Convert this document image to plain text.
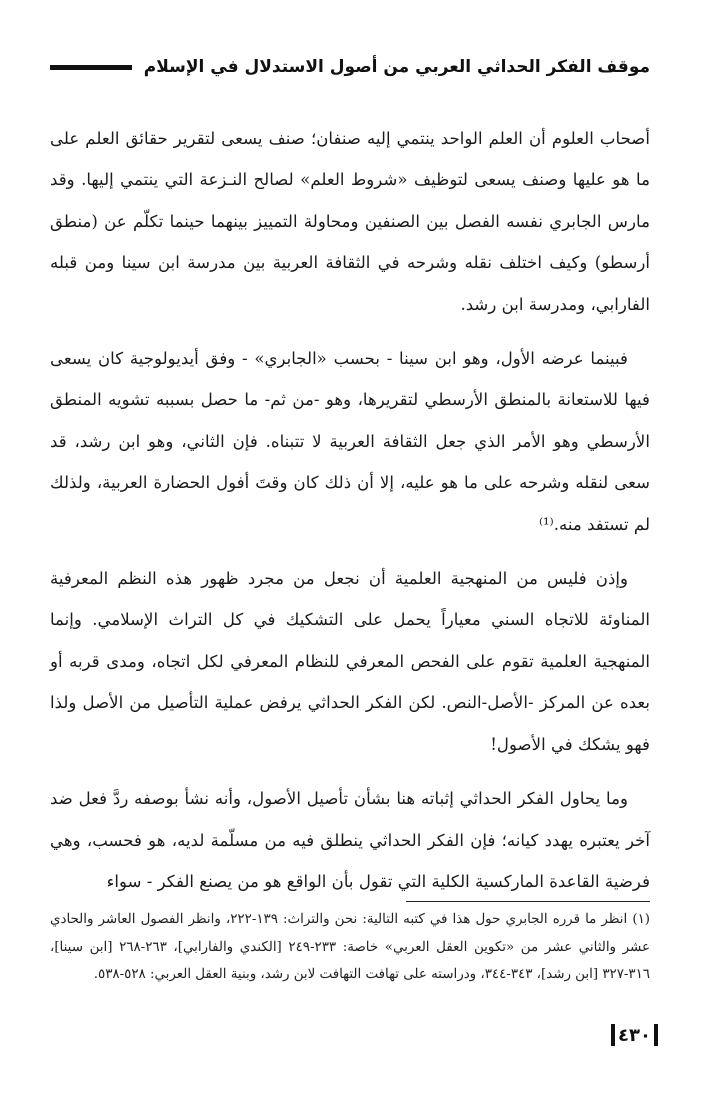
موقف الفكر الحداثي العربي من أصول الاستدلال في الإسلام

أصحاب العلوم أن العلم الواحد ينتمي إليه صنفان؛ صنف يسعى لتقرير حقائق العلم على ما هو عليها وصنف يسعى لتوظيف «شروط العلم» لصالح النـزعة التي ينتمي إليها. وقد مارس الجابري نفسه الفصل بين الصنفين ومحاولة التمييز بينهما حينما تكلّم عن (منطق أرسطو) وكيف اختلف نقله وشرحه في الثقافة العربية بين مدرسة ابن سينا ومن قبله الفارابي، ومدرسة ابن رشد.

فبينما عرضه الأول، وهو ابن سينا - بحسب «الجابري» - وفق أيديولوجية كان يسعى فيها للاستعانة بالمنطق الأرسطي لتقريرها، وهو -من ثم- ما حصل بسببه تشويه المنطق الأرسطي وهو الأمر الذي جعل الثقافة العربية لا تتبناه. فإن الثاني، وهو ابن رشد، قد سعى لنقله وشرحه على ما هو عليه، إلا أن ذلك كان وقتَ أفول الحضارة العربية، ولذلك لم تستفد منه.⁽¹⁾

وإذن فليس من المنهجية العلمية أن نجعل من مجرد ظهور هذه النظم المعرفية المناوئة للاتجاه السني معياراً يحمل على التشكيك في كل التراث الإسلامي. وإنما المنهجية العلمية تقوم على الفحص المعرفي للنظام المعرفي لكل اتجاه، ومدى قربه أو بعده عن المركز -الأصل-النص. لكن الفكر الحداثي يرفض عملية التأصيل من الأصل ولذا فهو يشكك في الأصول!

وما يحاول الفكر الحداثي إثباته هنا بشأن تأصيل الأصول، وأنه نشأ بوصفه ردَّ فعل ضد آخر يعتبره يهدد كيانه؛ فإن الفكر الحداثي ينطلق فيه من مسلّمة لديه، هو فحسب، وهي فرضية القاعدة الماركسية الكلية التي تقول بأن الواقع هو من يصنع الفكر - سواء

(١) انظر ما قرره الجابري حول هذا في كتبه التالية: نحن والتراث: ١٣٩-٢٢٢، وانظر الفصول العاشر والحادي عشر والثاني عشر من «تكوين العقل العربي» خاصة: ٢٣٣-٢٤٩ [الكندي والفارابي]، ٢٦٣-٢٦٨ [ابن سينا]، ٣١٦-٣٢٧ [ابن رشد]، ٣٤٣-٣٤٤، ودراسته على تهافت التهافت لابن رشد، وبنية العقل العربي: ٥٢٨-٥٣٨.

٤٣٠
